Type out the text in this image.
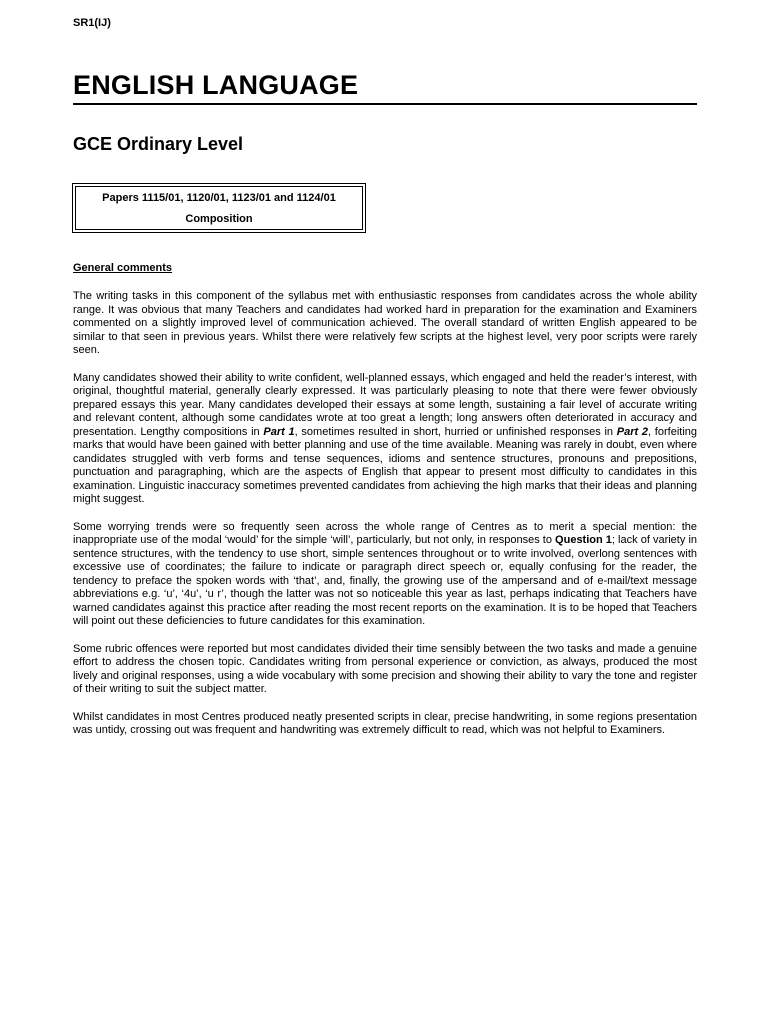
SR1(IJ)
ENGLISH LANGUAGE
GCE Ordinary Level
Papers 1115/01, 1120/01, 1123/01 and 1124/01
Composition
General comments

The writing tasks in this component of the syllabus met with enthusiastic responses from candidates across the whole ability range. It was obvious that many Teachers and candidates had worked hard in preparation for the examination and Examiners commented on a slightly improved level of communication achieved. The overall standard of written English appeared to be similar to that seen in previous years. Whilst there were relatively few scripts at the highest level, very poor scripts were rarely seen.

Many candidates showed their ability to write confident, well-planned essays, which engaged and held the reader’s interest, with original, thoughtful material, generally clearly expressed. It was particularly pleasing to note that there were fewer obviously prepared essays this year. Many candidates developed their essays at some length, sustaining a fair level of accurate writing and relevant content, although some candidates wrote at too great a length; long answers often deteriorated in accuracy and presentation. Lengthy compositions in Part 1, sometimes resulted in short, hurried or unfinished responses in Part 2, forfeiting marks that would have been gained with better planning and use of the time available. Meaning was rarely in doubt, even where candidates struggled with verb forms and tense sequences, idioms and sentence structures, pronouns and prepositions, punctuation and paragraphing, which are the aspects of English that appear to present most difficulty to candidates in this examination. Linguistic inaccuracy sometimes prevented candidates from achieving the high marks that their ideas and planning might suggest.

Some worrying trends were so frequently seen across the whole range of Centres as to merit a special mention: the inappropriate use of the modal ‘would’ for the simple ‘will’, particularly, but not only, in responses to Question 1; lack of variety in sentence structures, with the tendency to use short, simple sentences throughout or to write involved, overlong sentences with excessive use of coordinates; the failure to indicate or paragraph direct speech or, equally confusing for the reader, the tendency to preface the spoken words with ‘that’, and, finally, the growing use of the ampersand and of e-mail/text message abbreviations e.g. ‘u’, ‘4u’, ‘u r’, though the latter was not so noticeable this year as last, perhaps indicating that Teachers have warned candidates against this practice after reading the most recent reports on the examination. It is to be hoped that Teachers will point out these deficiencies to future candidates for this examination.

Some rubric offences were reported but most candidates divided their time sensibly between the two tasks and made a genuine effort to address the chosen topic. Candidates writing from personal experience or conviction, as always, produced the most lively and original responses, using a wide vocabulary with some precision and showing their ability to vary the tone and register of their writing to suit the subject matter.

Whilst candidates in most Centres produced neatly presented scripts in clear, precise handwriting, in some regions presentation was untidy, crossing out was frequent and handwriting was extremely difficult to read, which was not helpful to Examiners.
